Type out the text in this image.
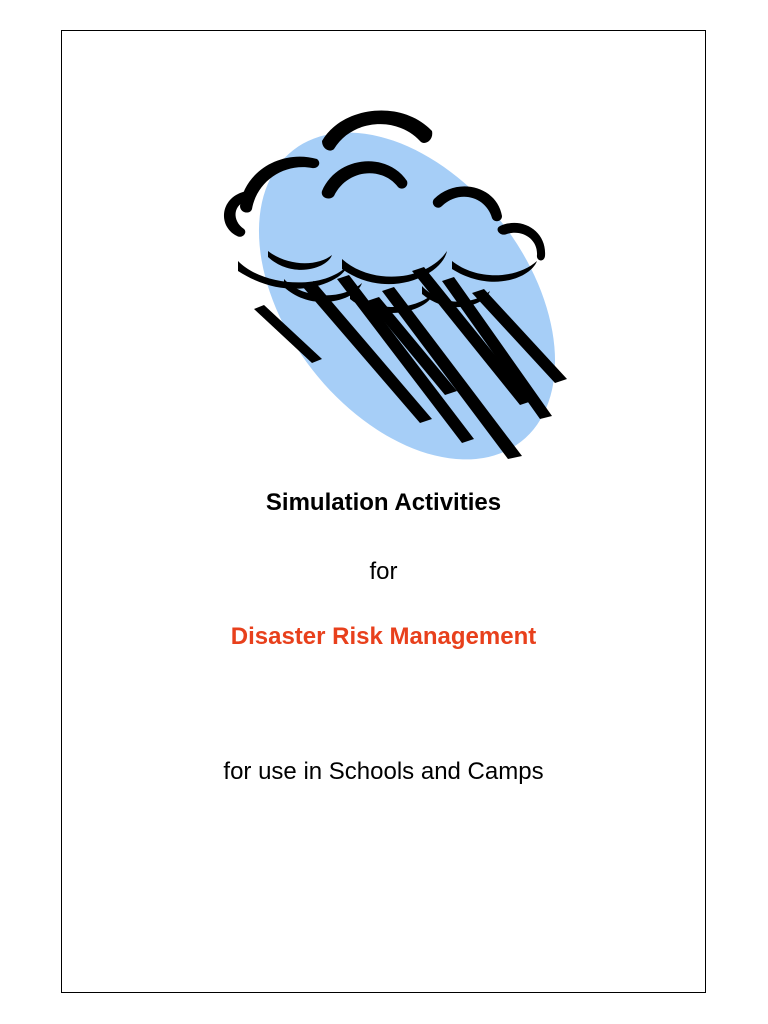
Simulation Activities

for

Disaster Risk Management

for use in Schools and Camps
